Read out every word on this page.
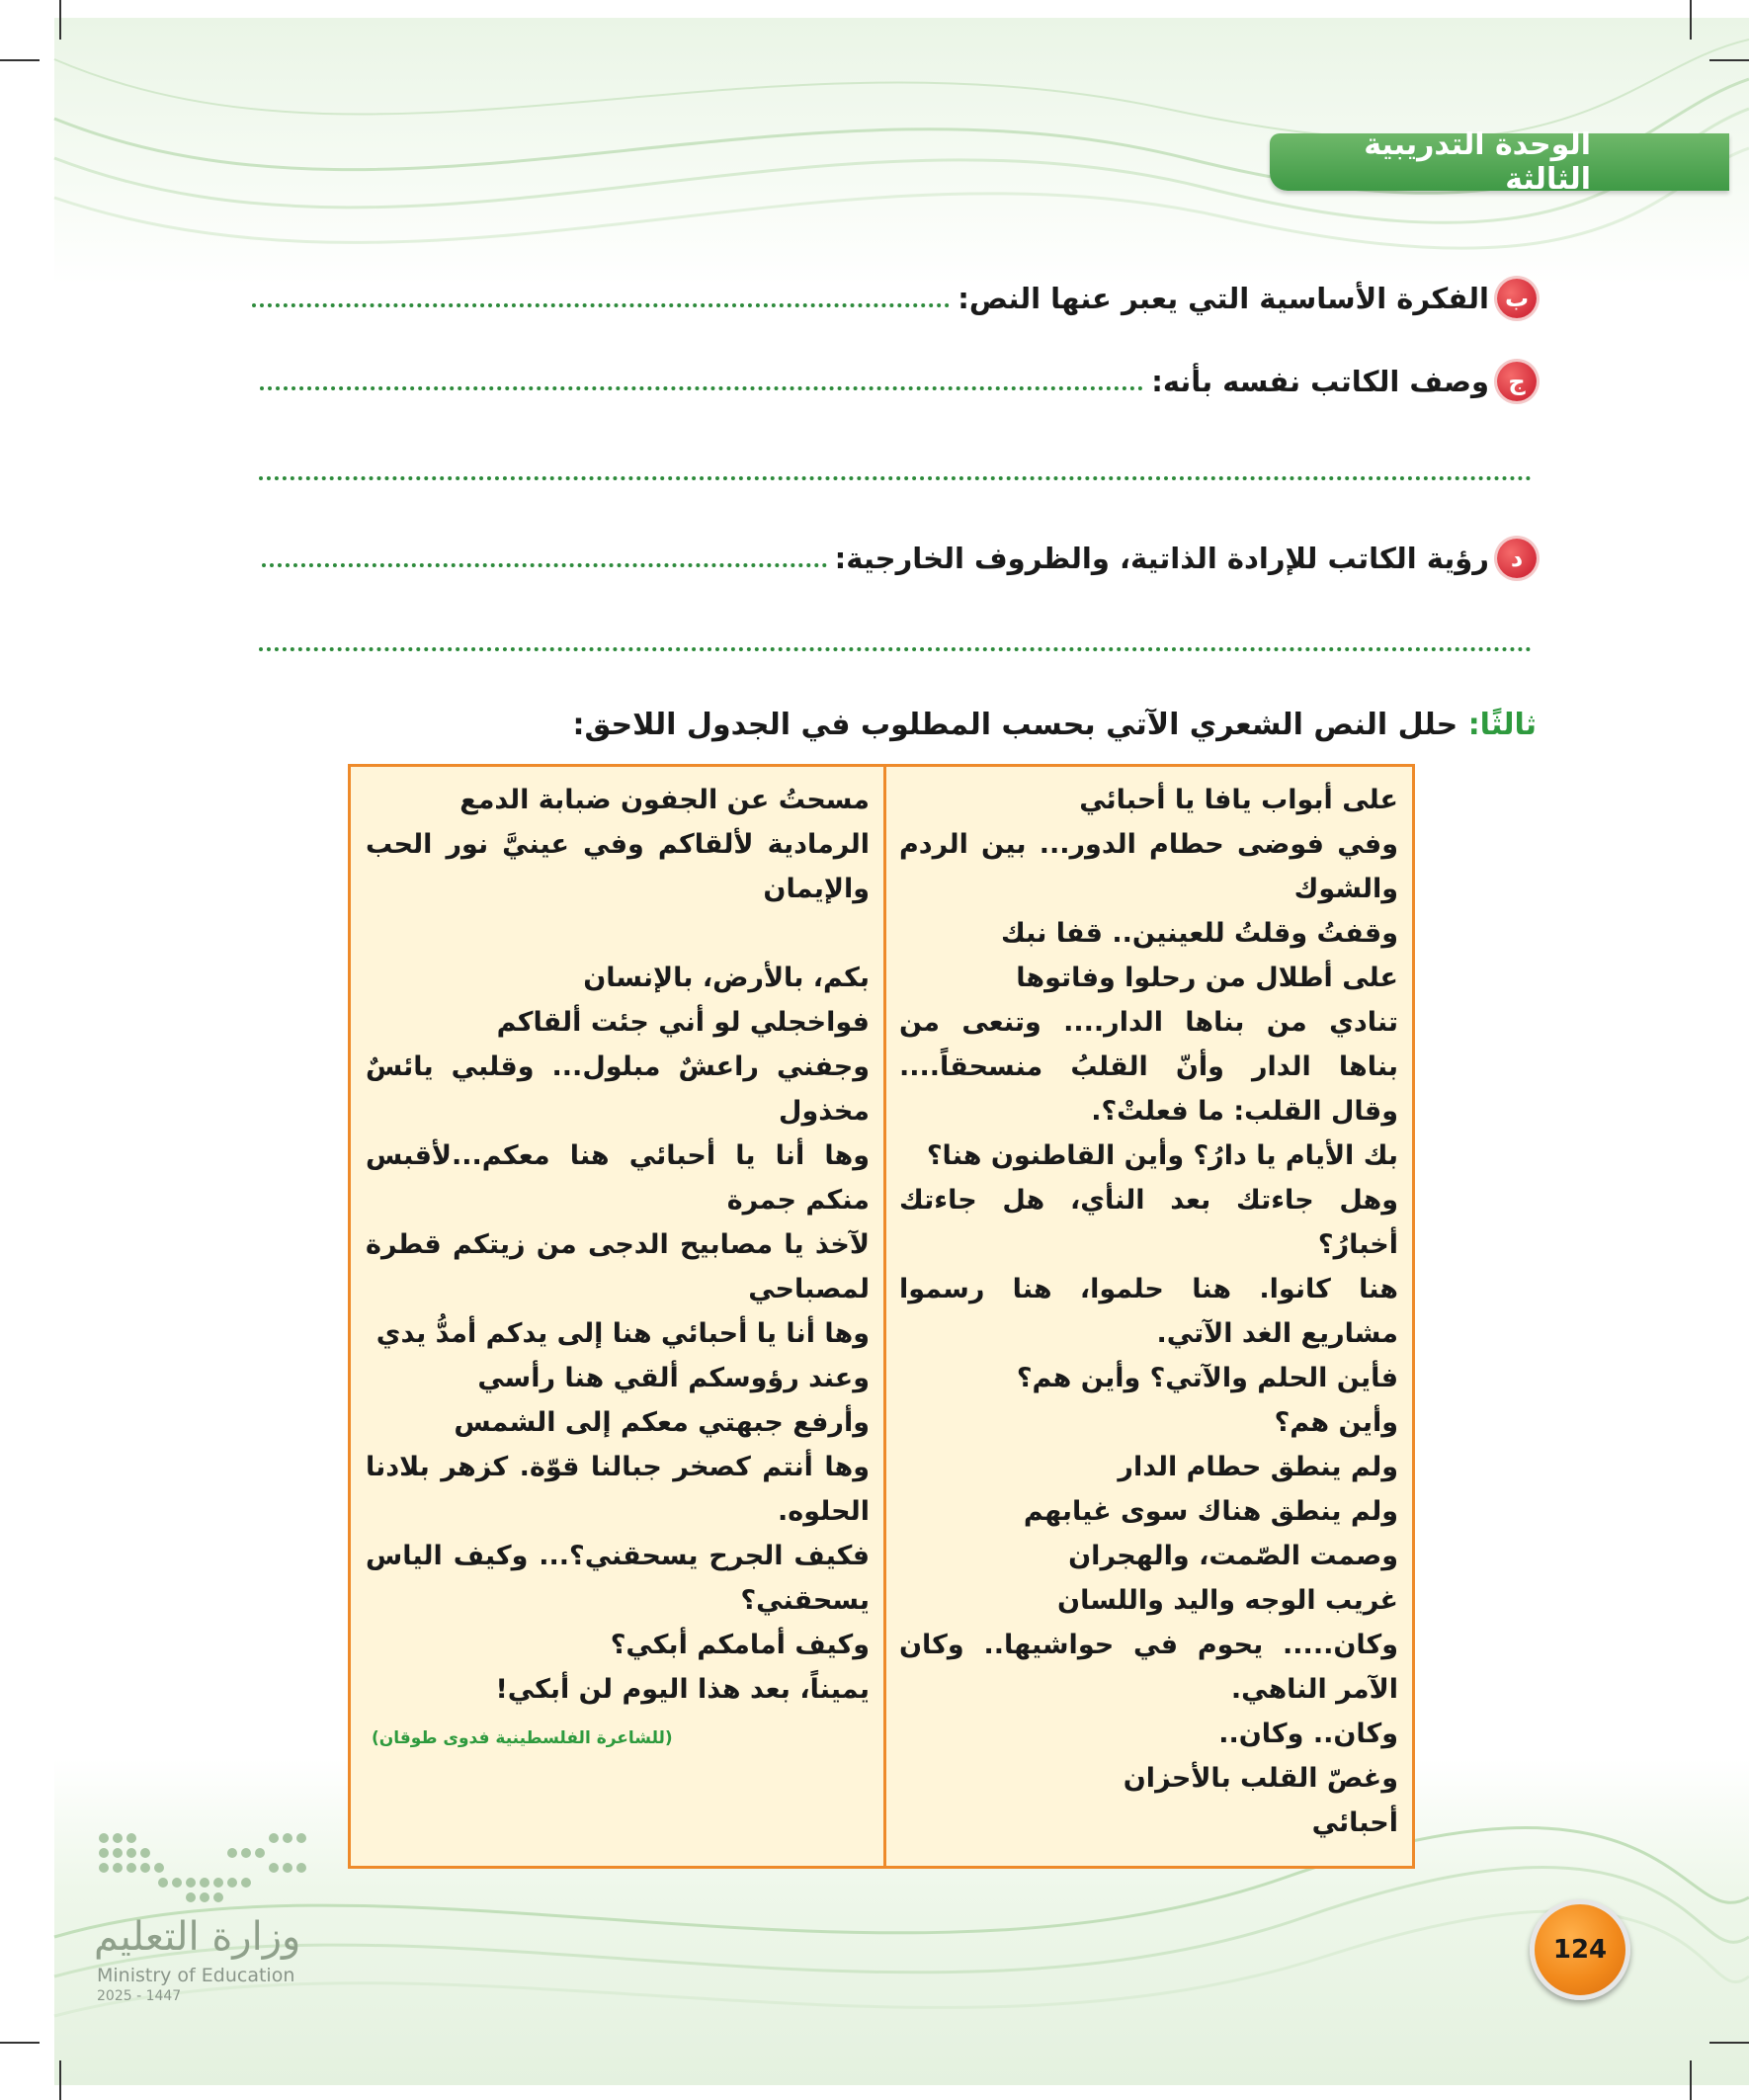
الوحدة التدريبية الثالثة
ب
الفكرة الأساسية التي يعبر عنها النص:
ج
وصف الكاتب نفسه بأنه:
د
رؤية الكاتب للإرادة الذاتية، والظروف الخارجية:
ثالثًا: حلل النص الشعري الآتي بحسب المطلوب في الجدول اللاحق:

على أبواب يافا يا أحبائي

وفي فوضى حطام الدور... بين الردم والشوك

وقفتُ وقلتُ للعينين.. قفا نبك

على أطلال من رحلوا وفاتوها

تنادي من بناها الدار.... وتنعى من بناها الدار وأنّ القلبُ منسحقاً.... وقال القلب: ما فعلتْ؟.

بك الأيام يا دارُ؟ وأين القاطنون هنا؟

وهل جاءتك بعد النأي، هل جاءتك أخبارُ؟

هنا كانوا. هنا حلموا، هنا رسموا مشاريع الغد الآتي.

فأين الحلم والآتي؟ وأين هم؟

وأين هم؟

ولم ينطق حطام الدار

ولم ينطق هناك سوى غيابهم

وصمت الصّمت، والهجران

غريب الوجه واليد واللسان

وكان..... يحوم في حواشيها.. وكان الآمر الناهي.

وكان.. وكان..

وغصّ القلب بالأحزان

أحبائي

مسحتُ عن الجفون ضبابة الدمع

الرمادية لألقاكم وفي عينيَّ نور الحب والإيمان

بكم، بالأرض، بالإنسان

فواخجلي لو أني جئت ألقاكم

وجفني راعشٌ مبلول... وقلبي يائسٌ مخذول

وها أنا يا أحبائي هنا معكم...لأقبس منكم جمرة

لآخذ يا مصابيح الدجى من زيتكم قطرة لمصباحي

وها أنا يا أحبائي هنا إلى يدكم أمدُّ يدي

وعند رؤوسكم ألقي هنا رأسي

وأرفع جبهتي معكم إلى الشمس

وها أنتم كصخر جبالنا قوّة. كزهر بلادنا الحلوه.

فكيف الجرح يسحقني؟... وكيف الياس يسحقني؟

وكيف أمامكم أبكي؟

يميناً، بعد هذا اليوم لن أبكي!

(للشاعرة الفلسطينية فدوى طوقان)
124
وزارة التعليم
Ministry of Education
2025 - 1447
